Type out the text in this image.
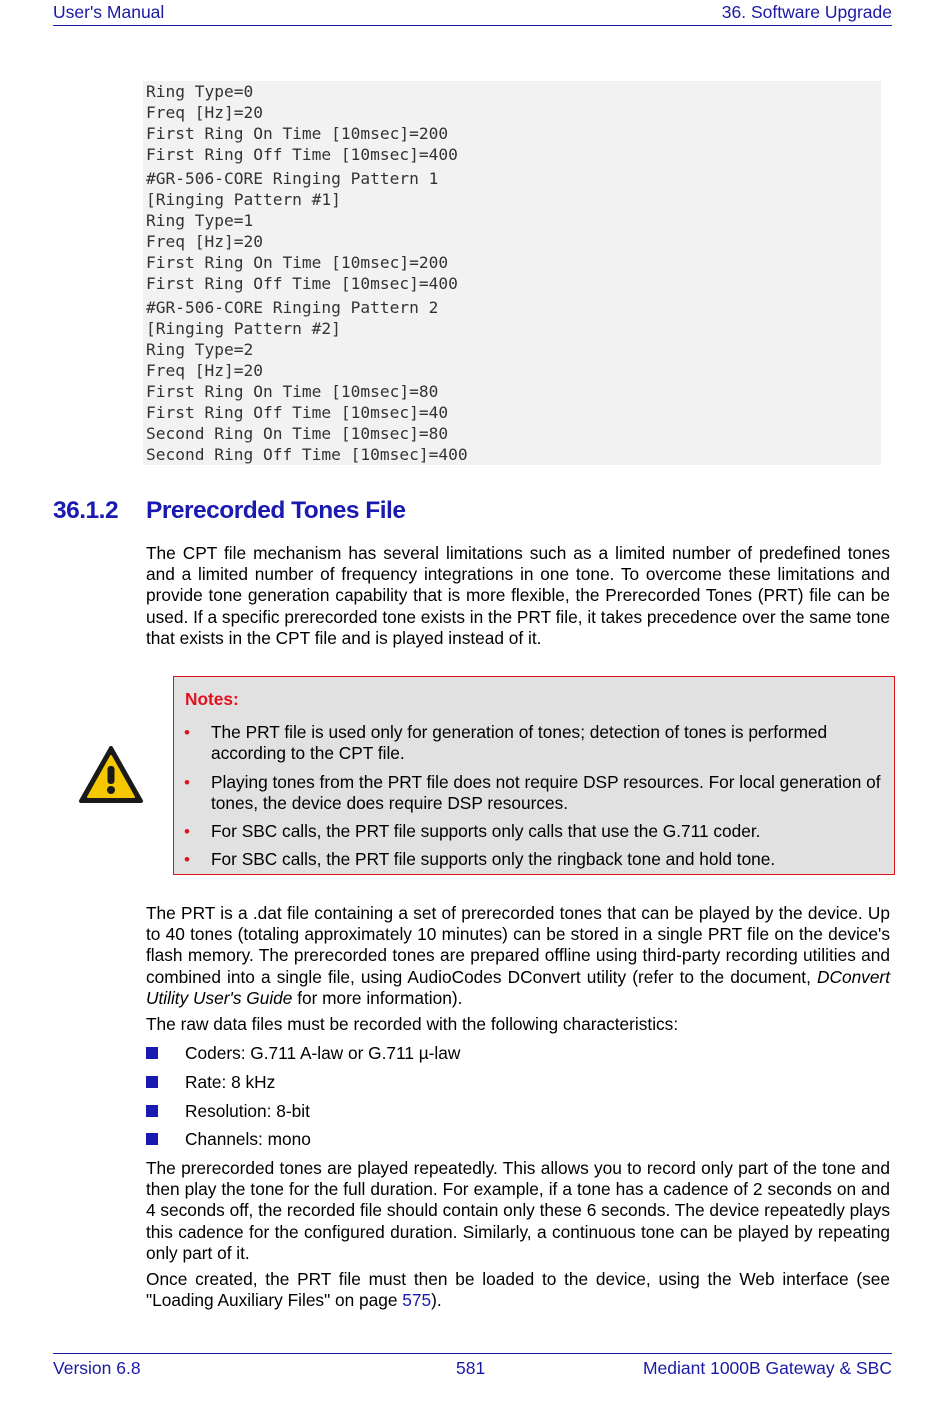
User's Manual	36. Software Upgrade
Ring Type=0
Freq [Hz]=20
First Ring On Time [10msec]=200
First Ring Off Time [10msec]=400
#GR-506-CORE Ringing Pattern 1
[Ringing Pattern #1]
Ring Type=1
Freq [Hz]=20
First Ring On Time [10msec]=200
First Ring Off Time [10msec]=400
#GR-506-CORE Ringing Pattern 2
[Ringing Pattern #2]
Ring Type=2
Freq [Hz]=20
First Ring On Time [10msec]=80
First Ring Off Time [10msec]=40
Second Ring On Time [10msec]=80
Second Ring Off Time [10msec]=400
36.1.2 Prerecorded Tones File

The CPT file mechanism has several limitations such as a limited number of predefined tones and a limited number of frequency integrations in one tone. To overcome these limitations and provide tone generation capability that is more flexible, the Prerecorded Tones (PRT) file can be used. If a specific prerecorded tone exists in the PRT file, it takes precedence over the same tone that exists in the CPT file and is played instead of it.

Notes:
• The PRT file is used only for generation of tones; detection of tones is performed according to the CPT file.
• Playing tones from the PRT file does not require DSP resources. For local generation of tones, the device does require DSP resources.
• For SBC calls, the PRT file supports only calls that use the G.711 coder.
• For SBC calls, the PRT file supports only the ringback tone and hold tone.

The PRT is a .dat file containing a set of prerecorded tones that can be played by the device. Up to 40 tones (totaling approximately 10 minutes) can be stored in a single PRT file on the device's flash memory. The prerecorded tones are prepared offline using third-party recording utilities and combined into a single file, using AudioCodes DConvert utility (refer to the document, DConvert Utility User's Guide for more information).

The raw data files must be recorded with the following characteristics:

Coders: G.711 A-law or G.711 µ-law
Rate: 8 kHz
Resolution: 8-bit
Channels: mono

The prerecorded tones are played repeatedly. This allows you to record only part of the tone and then play the tone for the full duration. For example, if a tone has a cadence of 2 seconds on and 4 seconds off, the recorded file should contain only these 6 seconds. The device repeatedly plays this cadence for the configured duration. Similarly, a continuous tone can be played by repeating only part of it.

Once created, the PRT file must then be loaded to the device, using the Web interface (see "Loading Auxiliary Files" on page 575).

Version 6.8	581	Mediant 1000B Gateway & SBC
